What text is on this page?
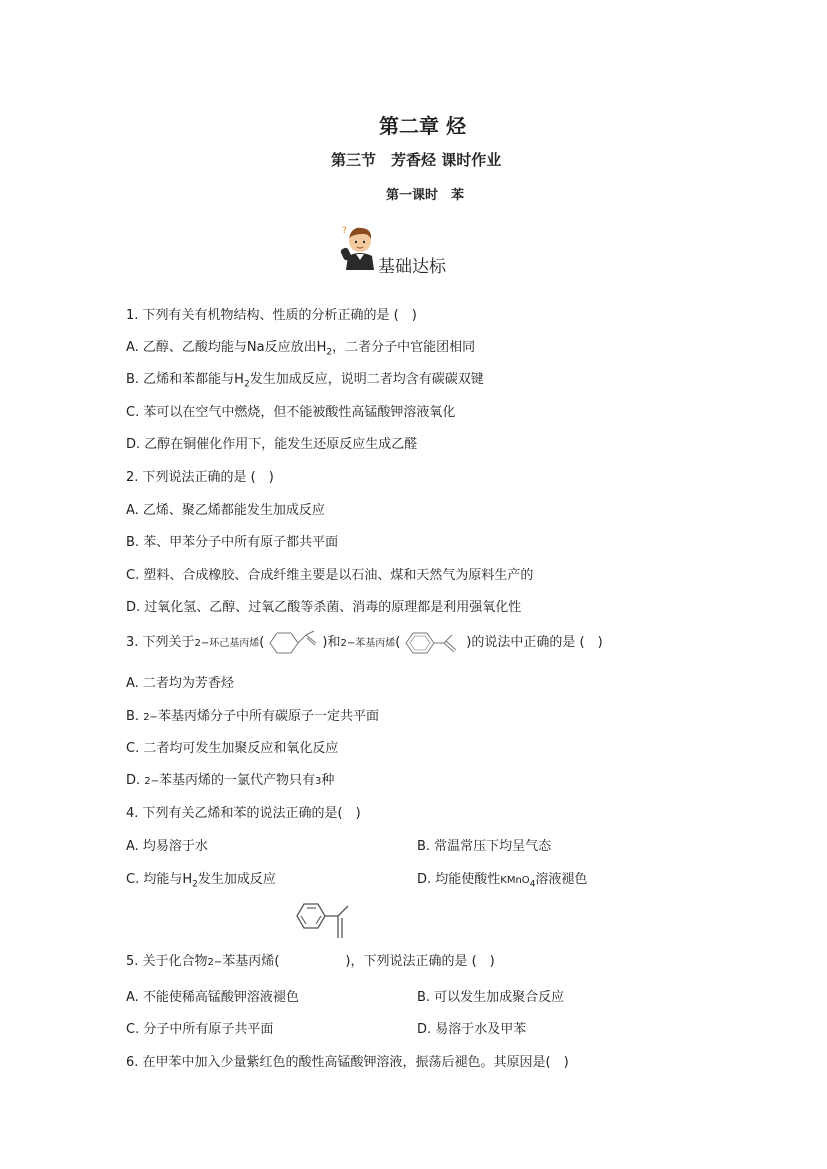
第二章 烃
第三节　芳香烃 课时作业
第一课时　苯
?
基础达标
1. 下列有关有机物结构、性质的分析正确的是 (　)
A. 乙醇、乙酸均能与Na反应放出$H_2$，二者分子中官能团相同
B. 乙烯和苯都能与$H_2$发生加成反应，说明二者均含有碳碳双键
C. 苯可以在空气中燃烧，但不能被酸性高锰酸钾溶液氧化
D. 乙醇在铜催化作用下，能发生还原反应生成乙醛
2. 下列说法正确的是 (　)
A. 乙烯、聚乙烯都能发生加成反应
B. 苯、甲苯分子中所有原子都共平面
C. 塑料、合成橡胶、合成纤维主要是以石油、煤和天然气为原料生产的
D. 过氧化氢、乙醇、过氧乙酸等杀菌、消毒的原理都是利用强氧化性
3. 下列关于2−环己基丙烯(	)和2−苯基丙烯(	)的说法中正确的是 (　)
A. 二者均为芳香烃
B. 2−苯基丙烯分子中所有碳原子一定共平面
C. 二者均可发生加聚反应和氧化反应
D. 2−苯基丙烯的一氯代产物只有3种
4. 下列有关乙烯和苯的说法正确的是(　)
A. 均易溶于水	B. 常温常压下均呈气态
C. 均能与$H_2$发生加成反应	D. 均能使酸性KMnO$_4$溶液褪色
5. 关于化合物2−苯基丙烯(	)，下列说法正确的是 (　)
A. 不能使稀高锰酸钾溶液褪色	B. 可以发生加成聚合反应
C. 分子中所有原子共平面	D. 易溶于水及甲苯
6. 在甲苯中加入少量紫红色的酸性高锰酸钾溶液，振荡后褪色。其原因是(　)
